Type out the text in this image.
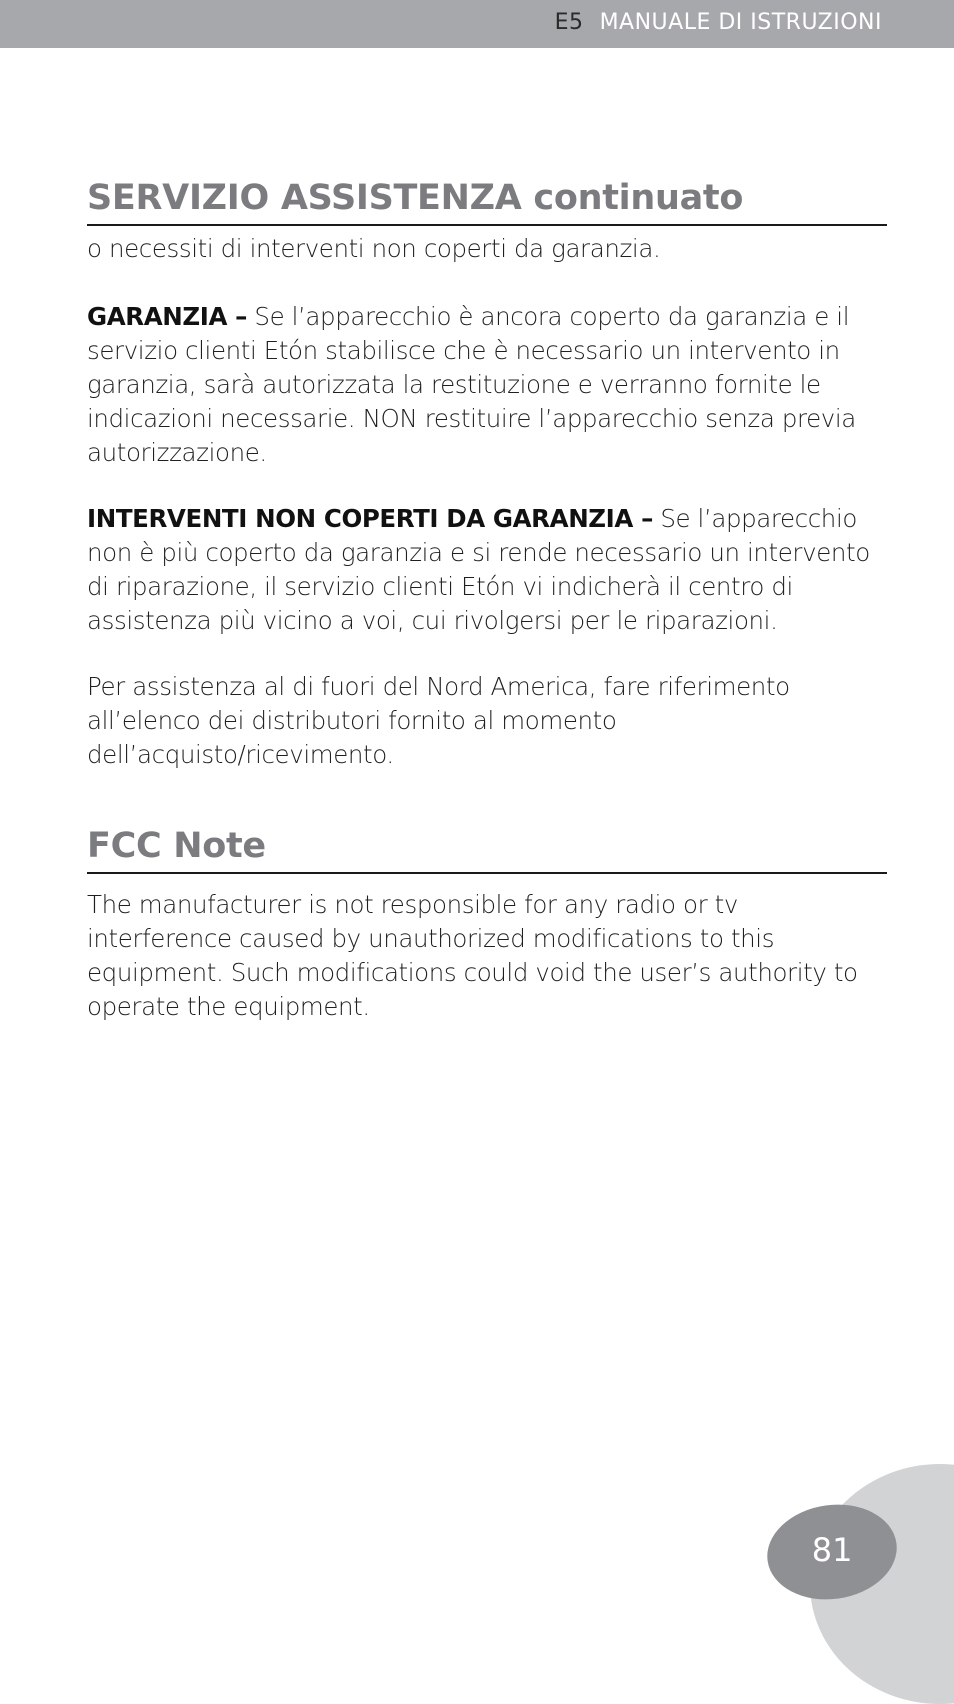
E5 MANUALE DI ISTRUZIONI
SERVIZIO ASSISTENZA continuato

o necessiti di interventi non coperti da garanzia.

GARANZIA – Se l’apparecchio è ancora coperto da garanzia e il servizio clienti Etón stabilisce che è necessario un intervento in garanzia, sarà autorizzata la restituzione e verranno fornite le indicazioni necessarie. NON restituire l’apparecchio senza previa autorizzazione.

INTERVENTI NON COPERTI DA GARANZIA – Se l’apparecchio non è più coperto da garanzia e si rende necessario un intervento di riparazione, il servizio clienti Etón vi indicherà il centro di assistenza più vicino a voi, cui rivolgersi per le riparazioni.

Per assistenza al di fuori del Nord America, fare riferimento all’elenco dei distributori fornito al momento dell’acquisto/ricevimento.

FCC Note

The manufacturer is not responsible for any radio or tv interference caused by unauthorized modifications to this equipment. Such modifications could void the user’s authority to operate the equipment.

81
